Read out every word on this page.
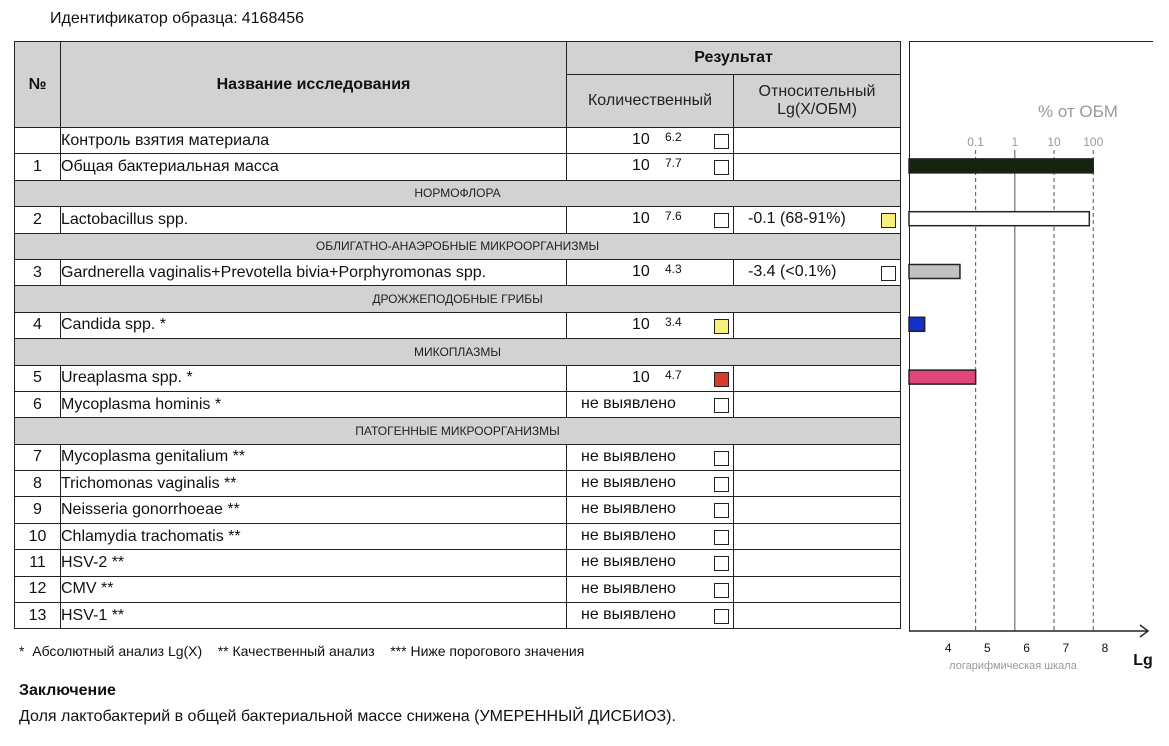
Идентификатор образца: 4168456
№	Название исследования	Результат	
		Количественный	Относительный
Lg(X/ОБМ)

	Контроль взятия материала	10 6.2	

1	Общая бактериальная масса	10 7.7	

НОРМОФЛОРА			
2	Lactobacillus spp.	10 7.6	-0.1 (68-91%)

ОБЛИГАТНО-АНАЭРОБНЫЕ МИКРООРГАНИЗМЫ			
3	Gardnerella vaginalis+Prevotella bivia+Porphyromonas spp.	10 4.3	-3.4 (<0.1%)

ДРОЖЖЕПОДОБНЫЕ ГРИБЫ			
4	Candida spp. *	10 3.4	

МИКОПЛАЗМЫ			
5	Ureaplasma spp. *	10 4.7	

6	Mycoplasma hominis *	не выявлено	

ПАТОГЕННЫЕ МИКРООРГАНИЗМЫ			
7	Mycoplasma genitalium **	не выявлено	

8	Trichomonas vaginalis **	не выявлено	

9	Neisseria gonorrhoeae **	не выявлено	

10	Chlamydia trachomatis **	не выявлено	

11	HSV-2 **	не выявлено	

12	CMV **	не выявлено	

13	HSV-1 **	не выявлено	

0.1 1 10 100
% от ОБМ
4	5	6	7	8
логарифмическая шкала	Lg
*  Абсолютный анализ Lg(X)    ** Качественный анализ    *** Ниже порогового значения
Заключение
Доля лактобактерий в общей бактериальной массе снижена (УМЕРЕННЫЙ ДИСБИОЗ).
